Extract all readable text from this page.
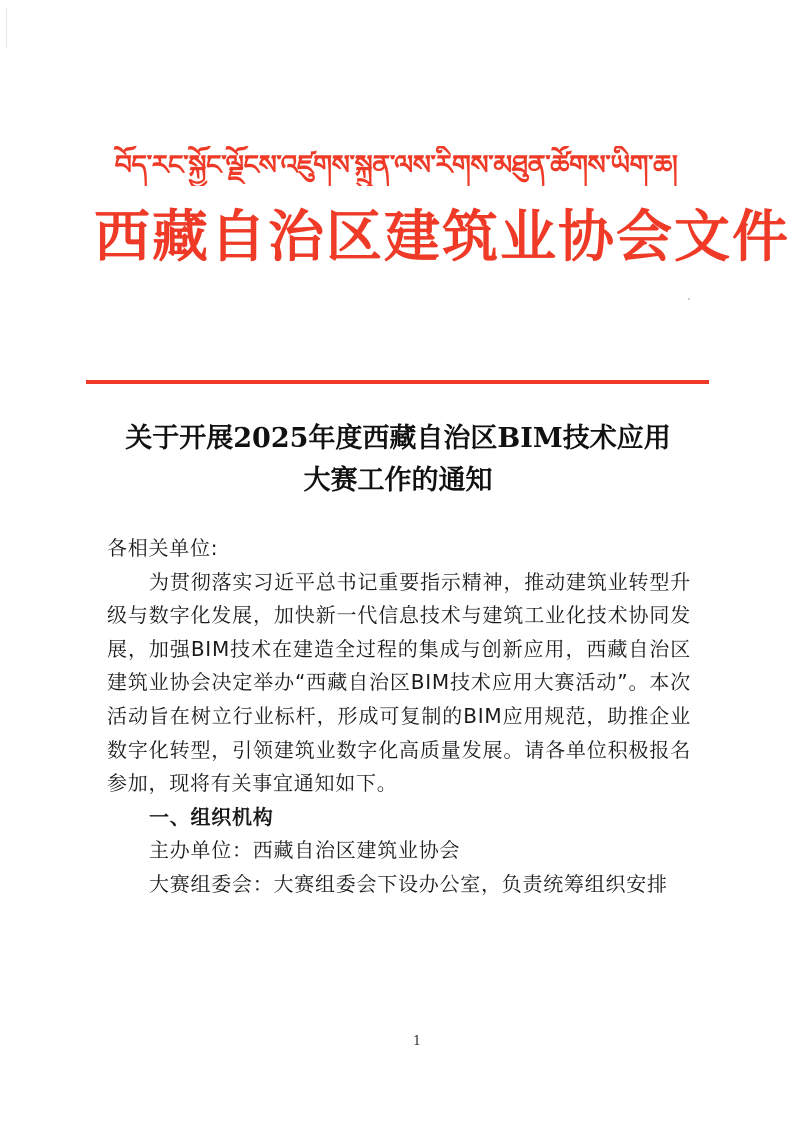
བོད་རང་སྐྱོང་ལྗོངས་འཛུགས་སྐྲུན་ལས་རིགས་མཐུན་ཚོགས་ཡིག་ཆ།
西藏自治区建筑业协会文件
关于开展2025年度西藏自治区BIM技术应用
大赛工作的通知

各相关单位:

为贯彻落实习近平总书记重要指示精神，推动建筑业转型升级与数字化发展，加快新一代信息技术与建筑工业化技术协同发展，加强BIM技术在建造全过程的集成与创新应用，西藏自治区建筑业协会决定举办“西藏自治区BIM技术应用大赛活动”。本次活动旨在树立行业标杆，形成可复制的BIM应用规范，助推企业数字化转型，引领建筑业数字化高质量发展。请各单位积极报名参加，现将有关事宜通知如下。

一、组织机构

主办单位：西藏自治区建筑业协会

大赛组委会：大赛组委会下设办公室，负责统筹组织安排

1
